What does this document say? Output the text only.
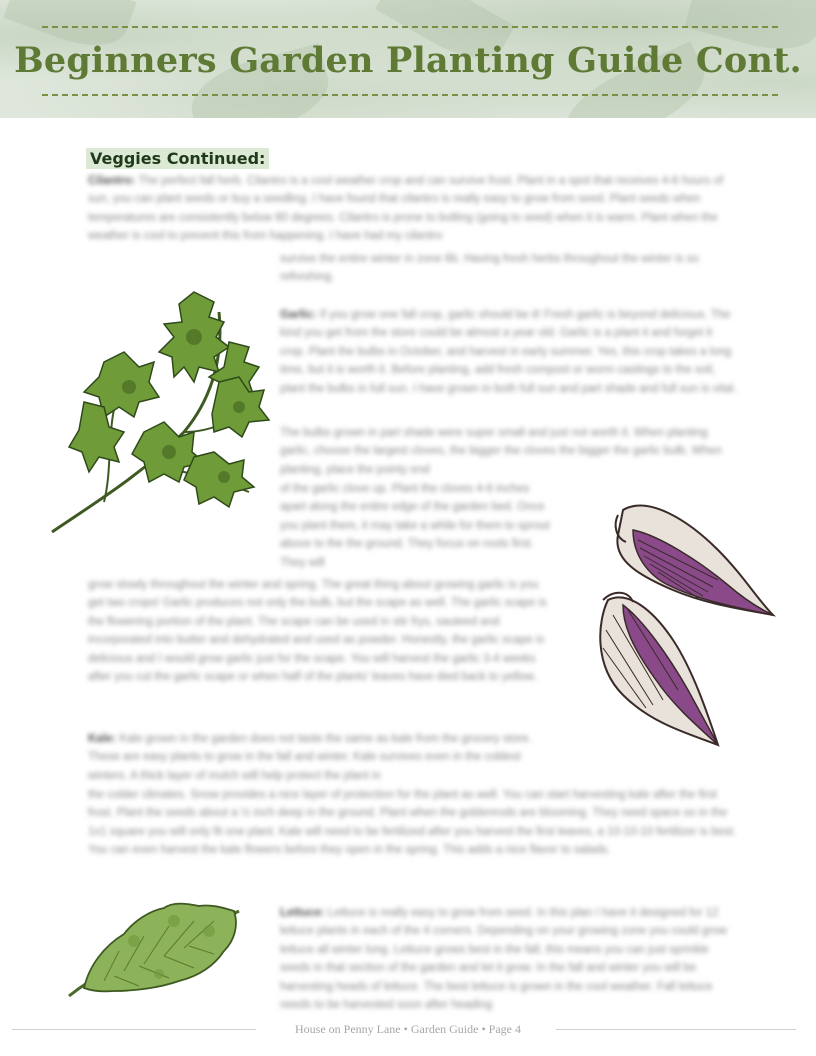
Beginners Garden Planting Guide Cont.
Veggies Continued:
Cilantro: The perfect fall herb. Cilantro is a cool weather crop and can survive frost. Plant in a spot that receives 4-6 hours of sun, you can plant seeds or buy a seedling. I have found that cilantro is really easy to grow from seed. Plant seeds when temperatures are consistently below 80 degrees. Cilantro is prone to bolting (going to seed) when it is warm. Plant when the weather is cool to prevent this from happening. I have had my cilantro
survive the entire winter in zone 6b. Having fresh herbs throughout the winter is so refreshing.
Garlic: If you grow one fall crop, garlic should be it! Fresh garlic is beyond delicious. The kind you get from the store could be almost a year old. Garlic is a plant it and forget it crop. Plant the bulbs in October, and harvest in early summer. Yes, this crop takes a long time, but it is worth it. Before planting, add fresh compost or worm castings to the soil, plant the bulbs in full sun. I have grown in both full sun and part shade and full sun is vital.
The bulbs grown in part shade were super small and just not worth it. When planting garlic, choose the largest cloves, the bigger the cloves the bigger the garlic bulb. When planting, place the pointy end
of the garlic clove up. Plant the cloves 4-6 inches apart along the entire edge of the garden bed. Once you plant them, it may take a while for them to sprout above to the the ground. They focus on roots first. They will
grow slowly throughout the winter and spring. The great thing about growing garlic is you get two crops! Garlic produces not only the bulb, but the scape as well. The garlic scape is the flowering portion of the plant. The scape can be used in stir frys, sauteed and incorporated into butter and dehydrated and used as powder. Honestly, the garlic scape is delicious and I would grow garlic just for the scape. You will harvest the garlic 3-4 weeks after you cut the garlic scape or when half of the plants' leaves have died back to yellow.
Kale: Kale grown in the garden does not taste the same as kale from the grocery store. These are easy plants to grow in the fall and winter. Kale survives even in the coldest winters. A thick layer of mulch will help protect the plant in
the colder climates. Snow provides a nice layer of protection for the plant as well. You can start harvesting kale after the first frost. Plant the seeds about a ½ inch deep in the ground. Plant when the goldenrods are blooming. They need space so in the 1x1 square you will only fit one plant. Kale will need to be fertilized after you harvest the first leaves, a 10-10-10 fertilizer is best. You can even harvest the kale flowers before they open in the spring. This adds a nice flavor to salads.
Lettuce: Lettuce is really easy to grow from seed. In this plan I have it designed for 12 lettuce plants in each of the 4 corners. Depending on your growing zone you could grow lettuce all winter long. Lettuce grows best in the fall, this means you can just sprinkle seeds in that section of the garden and let it grow. In the fall and winter you will be harvesting heads of lettuce. The best lettuce is grown in the cool weather. Fall lettuce needs to be harvested soon after heading
House on Penny Lane • Garden Guide • Page 4
